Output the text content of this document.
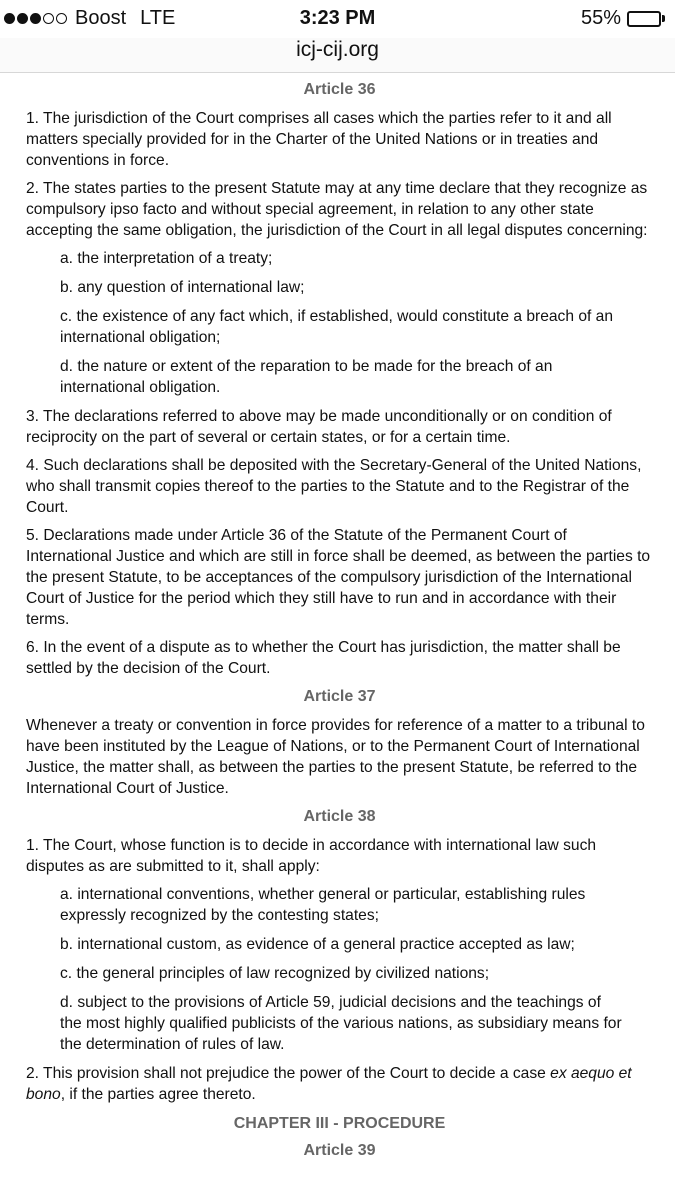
Boost LTE	3:23 PM	55%
icj-cij.org
Article 36

1. The jurisdiction of the Court comprises all cases which the parties refer to it and all matters specially provided for in the Charter of the United Nations or in treaties and conventions in force.

2. The states parties to the present Statute may at any time declare that they recognize as compulsory ipso facto and without special agreement, in relation to any other state accepting the same obligation, the jurisdiction of the Court in all legal disputes concerning:

a. the interpretation of a treaty;

b. any question of international law;

c. the existence of any fact which, if established, would constitute a breach of an international obligation;

d. the nature or extent of the reparation to be made for the breach of an international obligation.

3. The declarations referred to above may be made unconditionally or on condition of reciprocity on the part of several or certain states, or for a certain time.

4. Such declarations shall be deposited with the Secretary-General of the United Nations, who shall transmit copies thereof to the parties to the Statute and to the Registrar of the Court.

5. Declarations made under Article 36 of the Statute of the Permanent Court of International Justice and which are still in force shall be deemed, as between the parties to the present Statute, to be acceptances of the compulsory jurisdiction of the International Court of Justice for the period which they still have to run and in accordance with their terms.

6. In the event of a dispute as to whether the Court has jurisdiction, the matter shall be settled by the decision of the Court.

Article 37

Whenever a treaty or convention in force provides for reference of a matter to a tribunal to have been instituted by the League of Nations, or to the Permanent Court of International Justice, the matter shall, as between the parties to the present Statute, be referred to the International Court of Justice.

Article 38

1. The Court, whose function is to decide in accordance with international law such disputes as are submitted to it, shall apply:

a. international conventions, whether general or particular, establishing rules expressly recognized by the contesting states;

b. international custom, as evidence of a general practice accepted as law;

c. the general principles of law recognized by civilized nations;

d. subject to the provisions of Article 59, judicial decisions and the teachings of the most highly qualified publicists of the various nations, as subsidiary means for the determination of rules of law.

2. This provision shall not prejudice the power of the Court to decide a case ex aequo et bono, if the parties agree thereto.

CHAPTER III - PROCEDURE
Article 39
